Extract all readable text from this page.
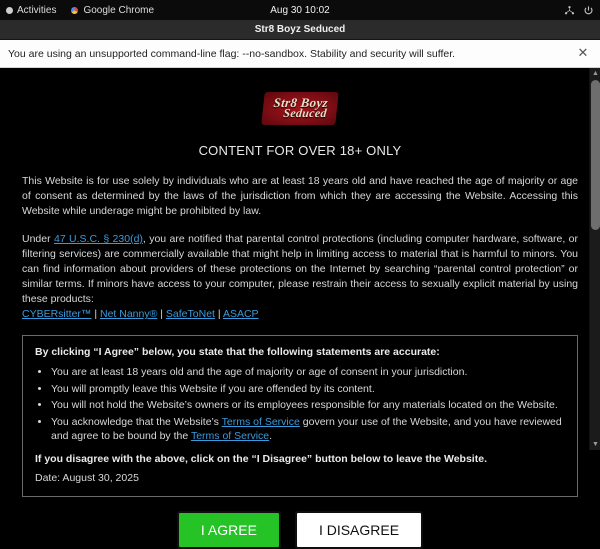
Activities	Google Chrome	Aug 30 10:02
Str8 Boyz Seduced
You are using an unsupported command-line flag: --no-sandbox. Stability and security will suffer.	✕
Str8 Boyz
Seduced
CONTENT FOR OVER 18+ ONLY

This Website is for use solely by individuals who are at least 18 years old and have reached the age of majority or age of consent as determined by the laws of the jurisdiction from which they are accessing the Website. Accessing this Website while underage might be prohibited by law.

Under 47 U.S.C. § 230(d), you are notified that parental control protections (including computer hardware, software, or filtering services) are commercially available that might help in limiting access to material that is harmful to minors. You can find information about providers of these protections on the Internet by searching “parental control protection” or similar terms. If minors have access to your computer, please restrain their access to sexually explicit material by using these products:
CYBERsitter™ | Net Nanny® | SafeToNet | ASACP

By clicking “I Agree” below, you state that the following statements are accurate:
• You are at least 18 years old and the age of majority or age of consent in your jurisdiction.
• You will promptly leave this Website if you are offended by its content.
• You will not hold the Website’s owners or its employees responsible for any materials located on the Website.
• You acknowledge that the Website’s Terms of Service govern your use of the Website, and you have reviewed and agree to be bound by the Terms of Service.
If you disagree with the above, click on the “I Disagree” button below to leave the Website.
Date: August 30, 2025
I AGREE	I DISAGREE
▲
▼
